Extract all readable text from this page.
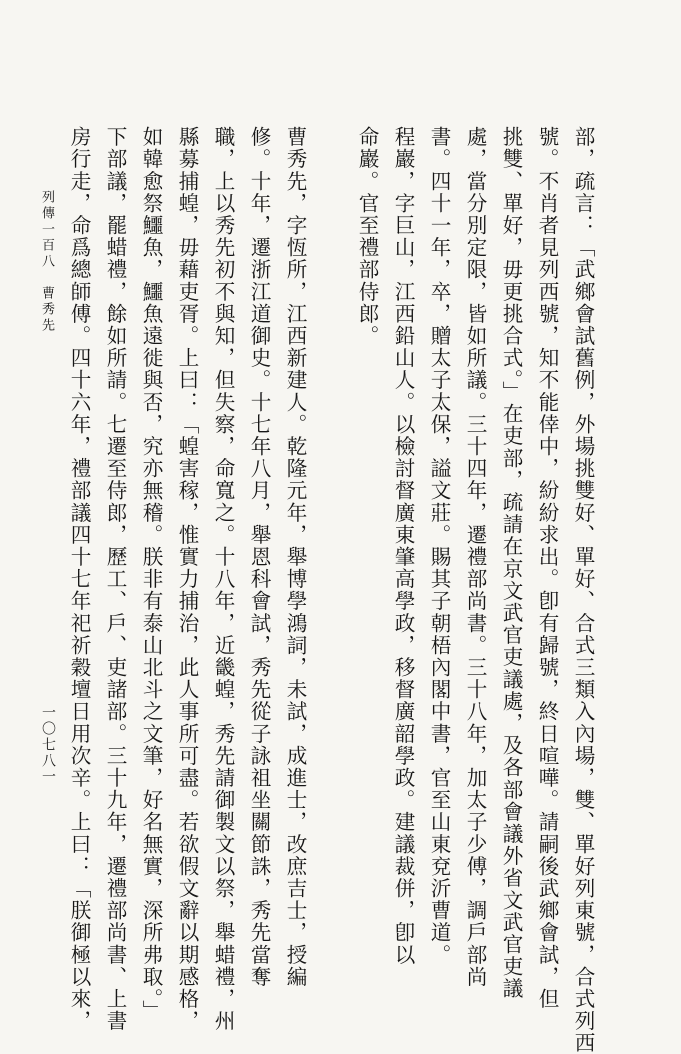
部，疏言：「武鄉會試舊例，外場挑雙好、單好、合式三類入內場，雙、單好列東號，合式列西
號。不肖者見列西號，知不能倖中，紛紛求出。卽有歸號，終日喧嘩。請嗣後武鄉會試，但
挑雙、單好，毋更挑合式。」在吏部，疏請在京文武官吏議處，及各部會議外省文武官吏議
處，當分別定限，皆如所議。三十四年，遷禮部尚書。三十八年，加太子少傅，調戶部尚
書。四十一年，卒，贈太子太保，謚文莊。賜其子朝梧內閣中書，官至山東兗沂曹道。
程巖，字巨山，江西鉛山人。以檢討督廣東肇高學政，移督廣韶學政。建議裁併，卽以
命巖。官至禮部侍郎。
曹秀先，字恆所，江西新建人。乾隆元年，舉博學鴻詞，未試，成進士，改庶吉士，授編
修。十年，遷浙江道御史。十七年八月，舉恩科會試，秀先從子詠祖坐關節誅，秀先當奪
職，上以秀先初不與知，但失察，命寬之。十八年，近畿蝗，秀先請御製文以祭，舉蜡禮，州
縣募捕蝗，毋藉吏胥。上曰：「蝗害稼，惟實力捕治，此人事所可盡。若欲假文辭以期感格，
如韓愈祭鱷魚，鱷魚遠徙與否，究亦無稽。朕非有泰山北斗之文筆，好名無實，深所弗取。」
下部議，罷蜡禮，餘如所請。七遷至侍郎，歷工、戶、吏諸部。三十九年，遷禮部尚書、上書
房行走，命爲總師傅。四十六年，禮部議四十七年祀祈穀壇日用次辛。上曰：「朕御極以來，
列傳一百八　曹秀先
一〇七八一
